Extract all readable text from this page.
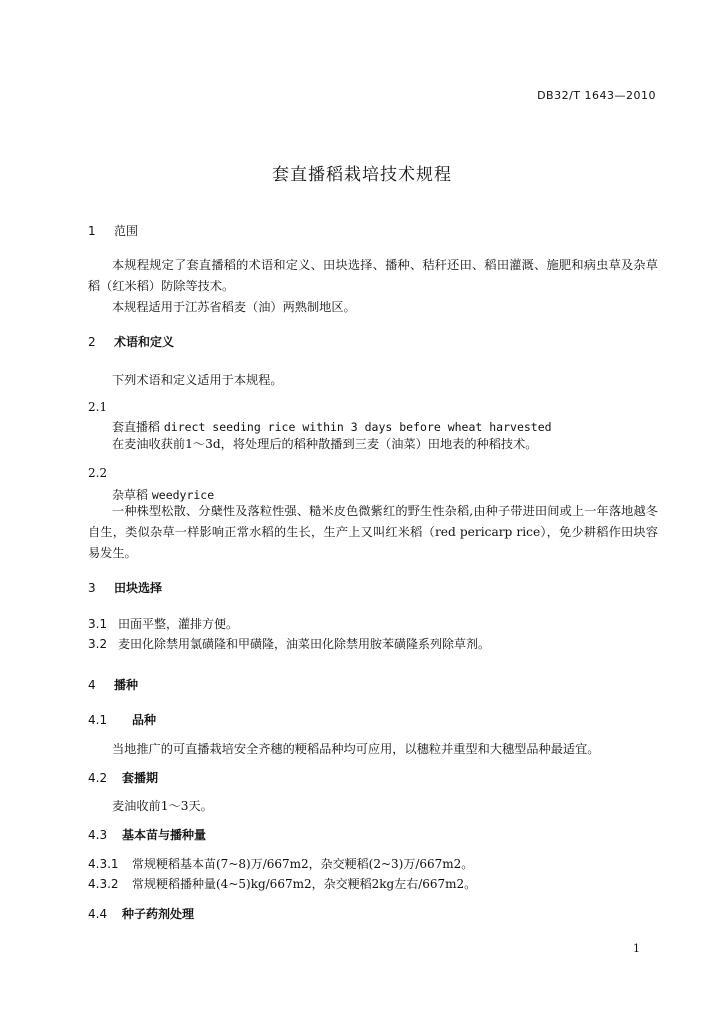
DB32/T 1643—2010
套直播稻栽培技术规程
1 范围
本规程规定了套直播稻的术语和定义、田块选择、播种、秸秆还田、稻田灌溉、施肥和病虫草及杂草稻（红米稻）防除等技术。
本规程适用于江苏省稻麦（油）两熟制地区。
2 术语和定义
下列术语和定义适用于本规程。
2.1
套直播稻 direct seeding rice within 3 days before wheat harvested
在麦油收获前1～3d，将处理后的稻种散播到三麦（油菜）田地表的种稻技术。
2.2
杂草稻 weedyrice
一种株型松散、分蘖性及落粒性强、糙米皮色微紫红的野生性杂稻,由种子带进田间或上一年落地越冬自生，类似杂草一样影响正常水稻的生长，生产上又叫红米稻（red pericarp rice），免少耕稻作田块容易发生。
3 田块选择
3.1 田面平整，灌排方便。
3.2 麦田化除禁用氯磺隆和甲磺隆，油菜田化除禁用胺苯磺隆系列除草剂。
4 播种
4.1 品种
当地推广的可直播栽培安全齐穗的粳稻品种均可应用，以穗粒并重型和大穗型品种最适宜。
4.2 套播期
麦油收前1～3天。
4.3 基本苗与播种量
4.3.1 常规粳稻基本苗(7~8)万/667m2，杂交粳稻(2~3)万/667m2。
4.3.2 常规粳稻播种量(4~5)kg/667m2，杂交粳稻2kg左右/667m2。
4.4 种子药剂处理
1
